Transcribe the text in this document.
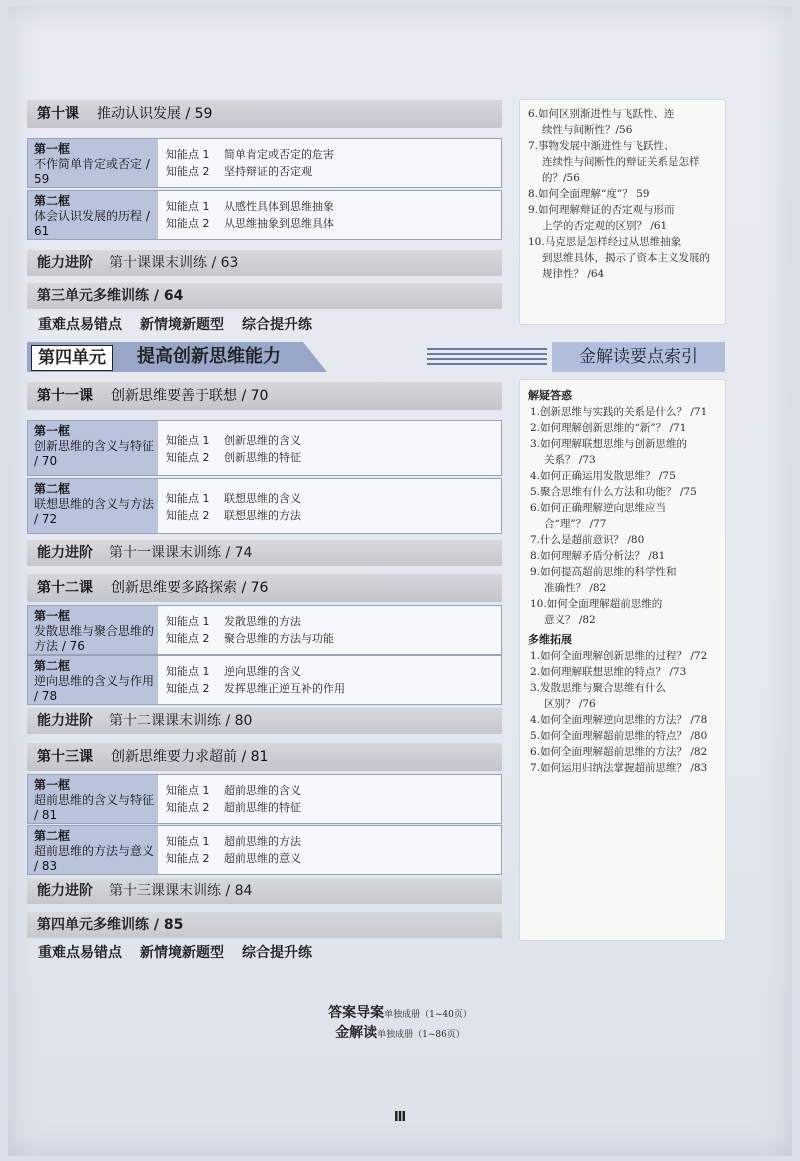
第十课 推动认识发展 / 59
第一框
不作简单肯定或否定 / 59
知能点 1 简单肯定或否定的危害
知能点 2 坚持辩证的否定观
第二框
体会认识发展的历程 / 61
知能点 1 从感性具体到思维抽象
知能点 2 从思维抽象到思维具体
能力进阶 第十课课末训练 / 63
第三单元多维训练 / 64
重难点易错点 新情境新题型 综合提升练
第四单元	提高创新思维能力	金解读要点索引
第十一课 创新思维要善于联想 / 70
第一框
创新思维的含义与特征 / 70
知能点 1 创新思维的含义
知能点 2 创新思维的特征
第二框
联想思维的含义与方法 / 72
知能点 1 联想思维的含义
知能点 2 联想思维的方法
能力进阶 第十一课课末训练 / 74
第十二课 创新思维要多路探索 / 76
第一框
发散思维与聚合思维的方法 / 76
知能点 1 发散思维的方法
知能点 2 聚合思维的方法与功能
第二框
逆向思维的含义与作用 / 78
知能点 1 逆向思维的含义
知能点 2 发挥思维正逆互补的作用
能力进阶 第十二课课末训练 / 80
第十三课 创新思维要力求超前 / 81
第一框
超前思维的含义与特征 / 81
知能点 1 超前思维的含义
知能点 2 超前思维的特征
第二框
超前思维的方法与意义 / 83
知能点 1 超前思维的方法
知能点 2 超前思维的意义
能力进阶 第十三课课末训练 / 84
第四单元多维训练 / 85
重难点易错点 新情境新题型 综合提升练
6.如何区别渐进性与飞跃性、连
续性与间断性？/56
7.事物发展中渐进性与飞跃性、
连续性与间断性的辩证关系是怎样的？/56
8.如何全面理解“度”？ 59
9.如何理解辩证的否定观与形而
上学的否定观的区别？ /61
10.马克思是怎样经过从思维抽象
到思维具体，揭示了资本主义发展的规律性？ /64
解疑答惑
1.创新思维与实践的关系是什么？ /71
2.如何理解创新思维的“新”？ /71
3.如何理解联想思维与创新思维的
关系？ /73
4.如何正确运用发散思维？ /75
5.聚合思维有什么方法和功能？ /75
6.如何正确理解逆向思维应当
合“理”？ /77
7.什么是超前意识？ /80
8.如何理解矛盾分析法？ /81
9.如何提高超前思维的科学性和
准确性？ /82
10.如何全面理解超前思维的
意义？ /82
多维拓展
1.如何全面理解创新思维的过程？ /72
2.如何理解联想思维的特点？ /73
3.发散思维与聚合思维有什么
区别？ /76
4.如何全面理解逆向思维的方法？ /78
5.如何全面理解超前思维的特点？ /80
6.如何全面理解超前思维的方法？ /82
7.如何运用归纳法掌握超前思维？ /83
答案导案单独成册（1~40页）
金解读单独成册（1~86页）
Ⅲ
